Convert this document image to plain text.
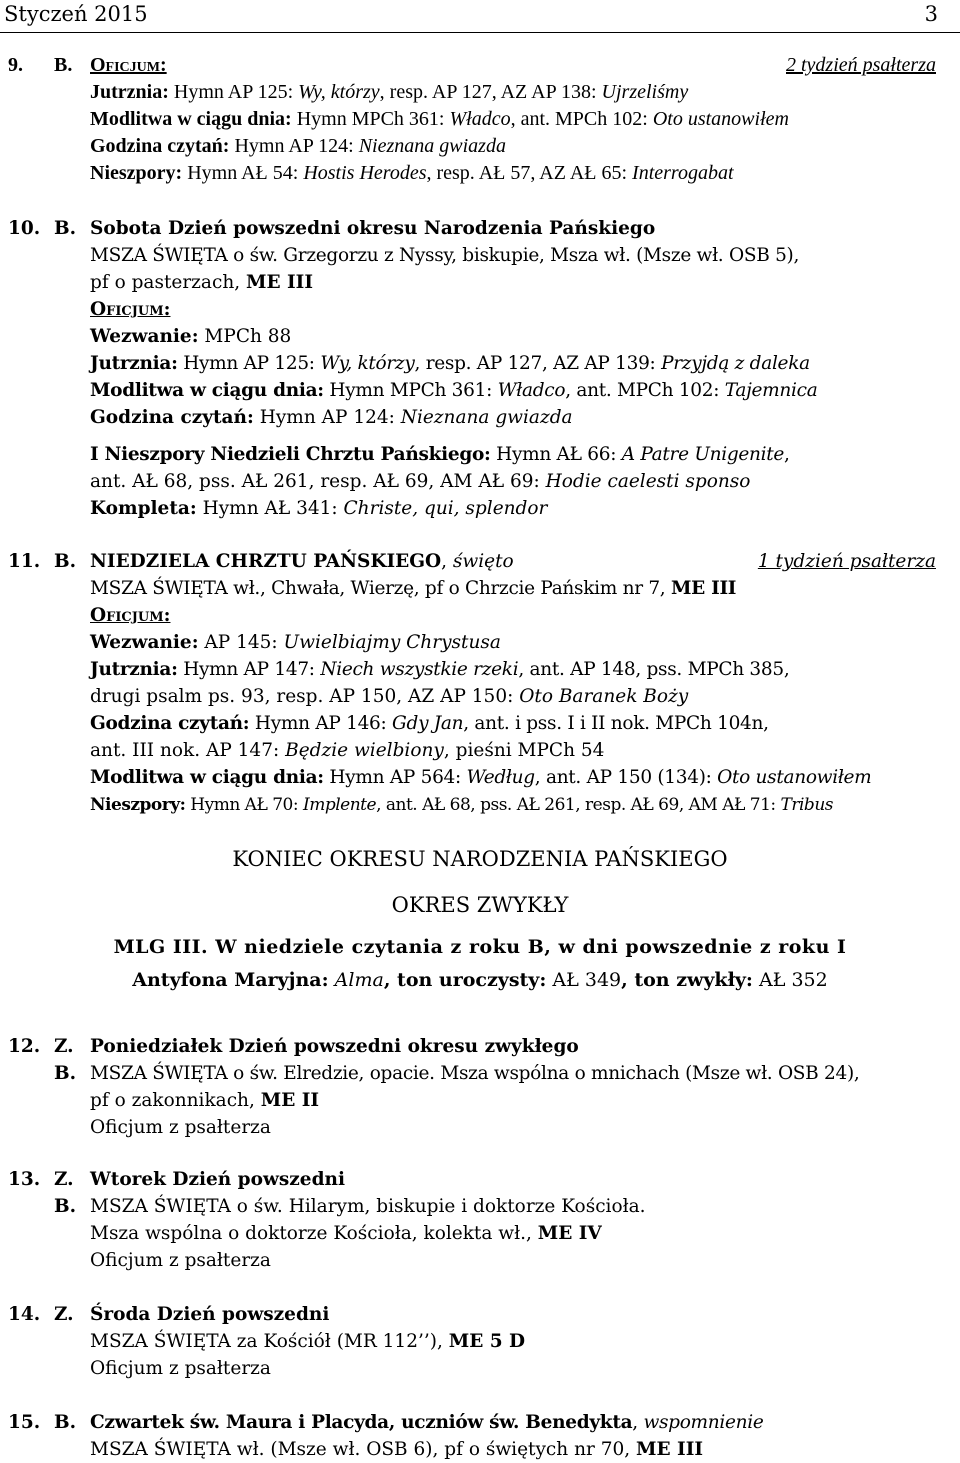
Styczeń 2015	3
9. B. Oficjum:	2 tydzień psałterza
Jutrznia: Hymn AP 125: Wy, którzy, resp. AP 127, AZ AP 138: Ujrzeliśmy
Modlitwa w ciągu dnia: Hymn MPCh 361: Władco, ant. MPCh 102: Oto ustanowiłem
Godzina czytań: Hymn AP 124: Nieznana gwiazda
Nieszpory: Hymn AŁ 54: Hostis Herodes, resp. AŁ 57, AZ AŁ 65: Interrogabat
10. B. Sobota Dzień powszedni okresu Narodzenia Pańskiego
MSZA ŚWIĘTA o św. Grzegorzu z Nyssy, biskupie, Msza wł. (Msze wł. OSB 5),
pf o pasterzach, ME III
Oficjum:
Wezwanie: MPCh 88
Jutrznia: Hymn AP 125: Wy, którzy, resp. AP 127, AZ AP 139: Przyjdą z daleka
Modlitwa w ciągu dnia: Hymn MPCh 361: Władco, ant. MPCh 102: Tajemnica
Godzina czytań: Hymn AP 124: Nieznana gwiazda
I Nieszpory Niedzieli Chrztu Pańskiego: Hymn AŁ 66: A Patre Unigenite,
ant. AŁ 68, pss. AŁ 261, resp. AŁ 69, AM AŁ 69: Hodie caelesti sponso
Kompleta: Hymn AŁ 341: Christe, qui, splendor
11. B. NIEDZIELA CHRZTU PAŃSKIEGO, święto	1 tydzień psałterza
MSZA ŚWIĘTA wł., Chwała, Wierzę, pf o Chrzcie Pańskim nr 7, ME III
Oficjum:
Wezwanie: AP 145: Uwielbiajmy Chrystusa
Jutrznia: Hymn AP 147: Niech wszystkie rzeki, ant. AP 148, pss. MPCh 385,
drugi psalm ps. 93, resp. AP 150, AZ AP 150: Oto Baranek Boży
Godzina czytań: Hymn AP 146: Gdy Jan, ant. i pss. I i II nok. MPCh 104n,
ant. III nok. AP 147: Będzie wielbiony, pieśni MPCh 54
Modlitwa w ciągu dnia: Hymn AP 564: Według, ant. AP 150 (134): Oto ustanowiłem
Nieszpory: Hymn AŁ 70: Implente, ant. AŁ 68, pss. AŁ 261, resp. AŁ 69, AM AŁ 71: Tribus
KONIEC OKRESU NARODZENIA PAŃSKIEGO
OKRES ZWYKŁY
MLG III. W niedziele czytania z roku B, w dni powszednie z roku I
Antyfona Maryjna: Alma, ton uroczysty: AŁ 349, ton zwykły: AŁ 352
12. Z. Poniedziałek Dzień powszedni okresu zwykłego
B. MSZA ŚWIĘTA o św. Elredzie, opacie. Msza wspólna o mnichach (Msze wł. OSB 24),
pf o zakonnikach, ME II
Oficjum z psałterza
13. Z. Wtorek Dzień powszedni
B. MSZA ŚWIĘTA o św. Hilarym, biskupie i doktorze Kościoła.
Msza wspólna o doktorze Kościoła, kolekta wł., ME IV
Oficjum z psałterza
14. Z. Środa Dzień powszedni
MSZA ŚWIĘTA za Kościół (MR 112’’), ME 5 D
Oficjum z psałterza
15. B. Czwartek św. Maura i Placyda, uczniów św. Benedykta, wspomnienie
MSZA ŚWIĘTA wł. (Msze wł. OSB 6), pf o świętych nr 70, ME III
